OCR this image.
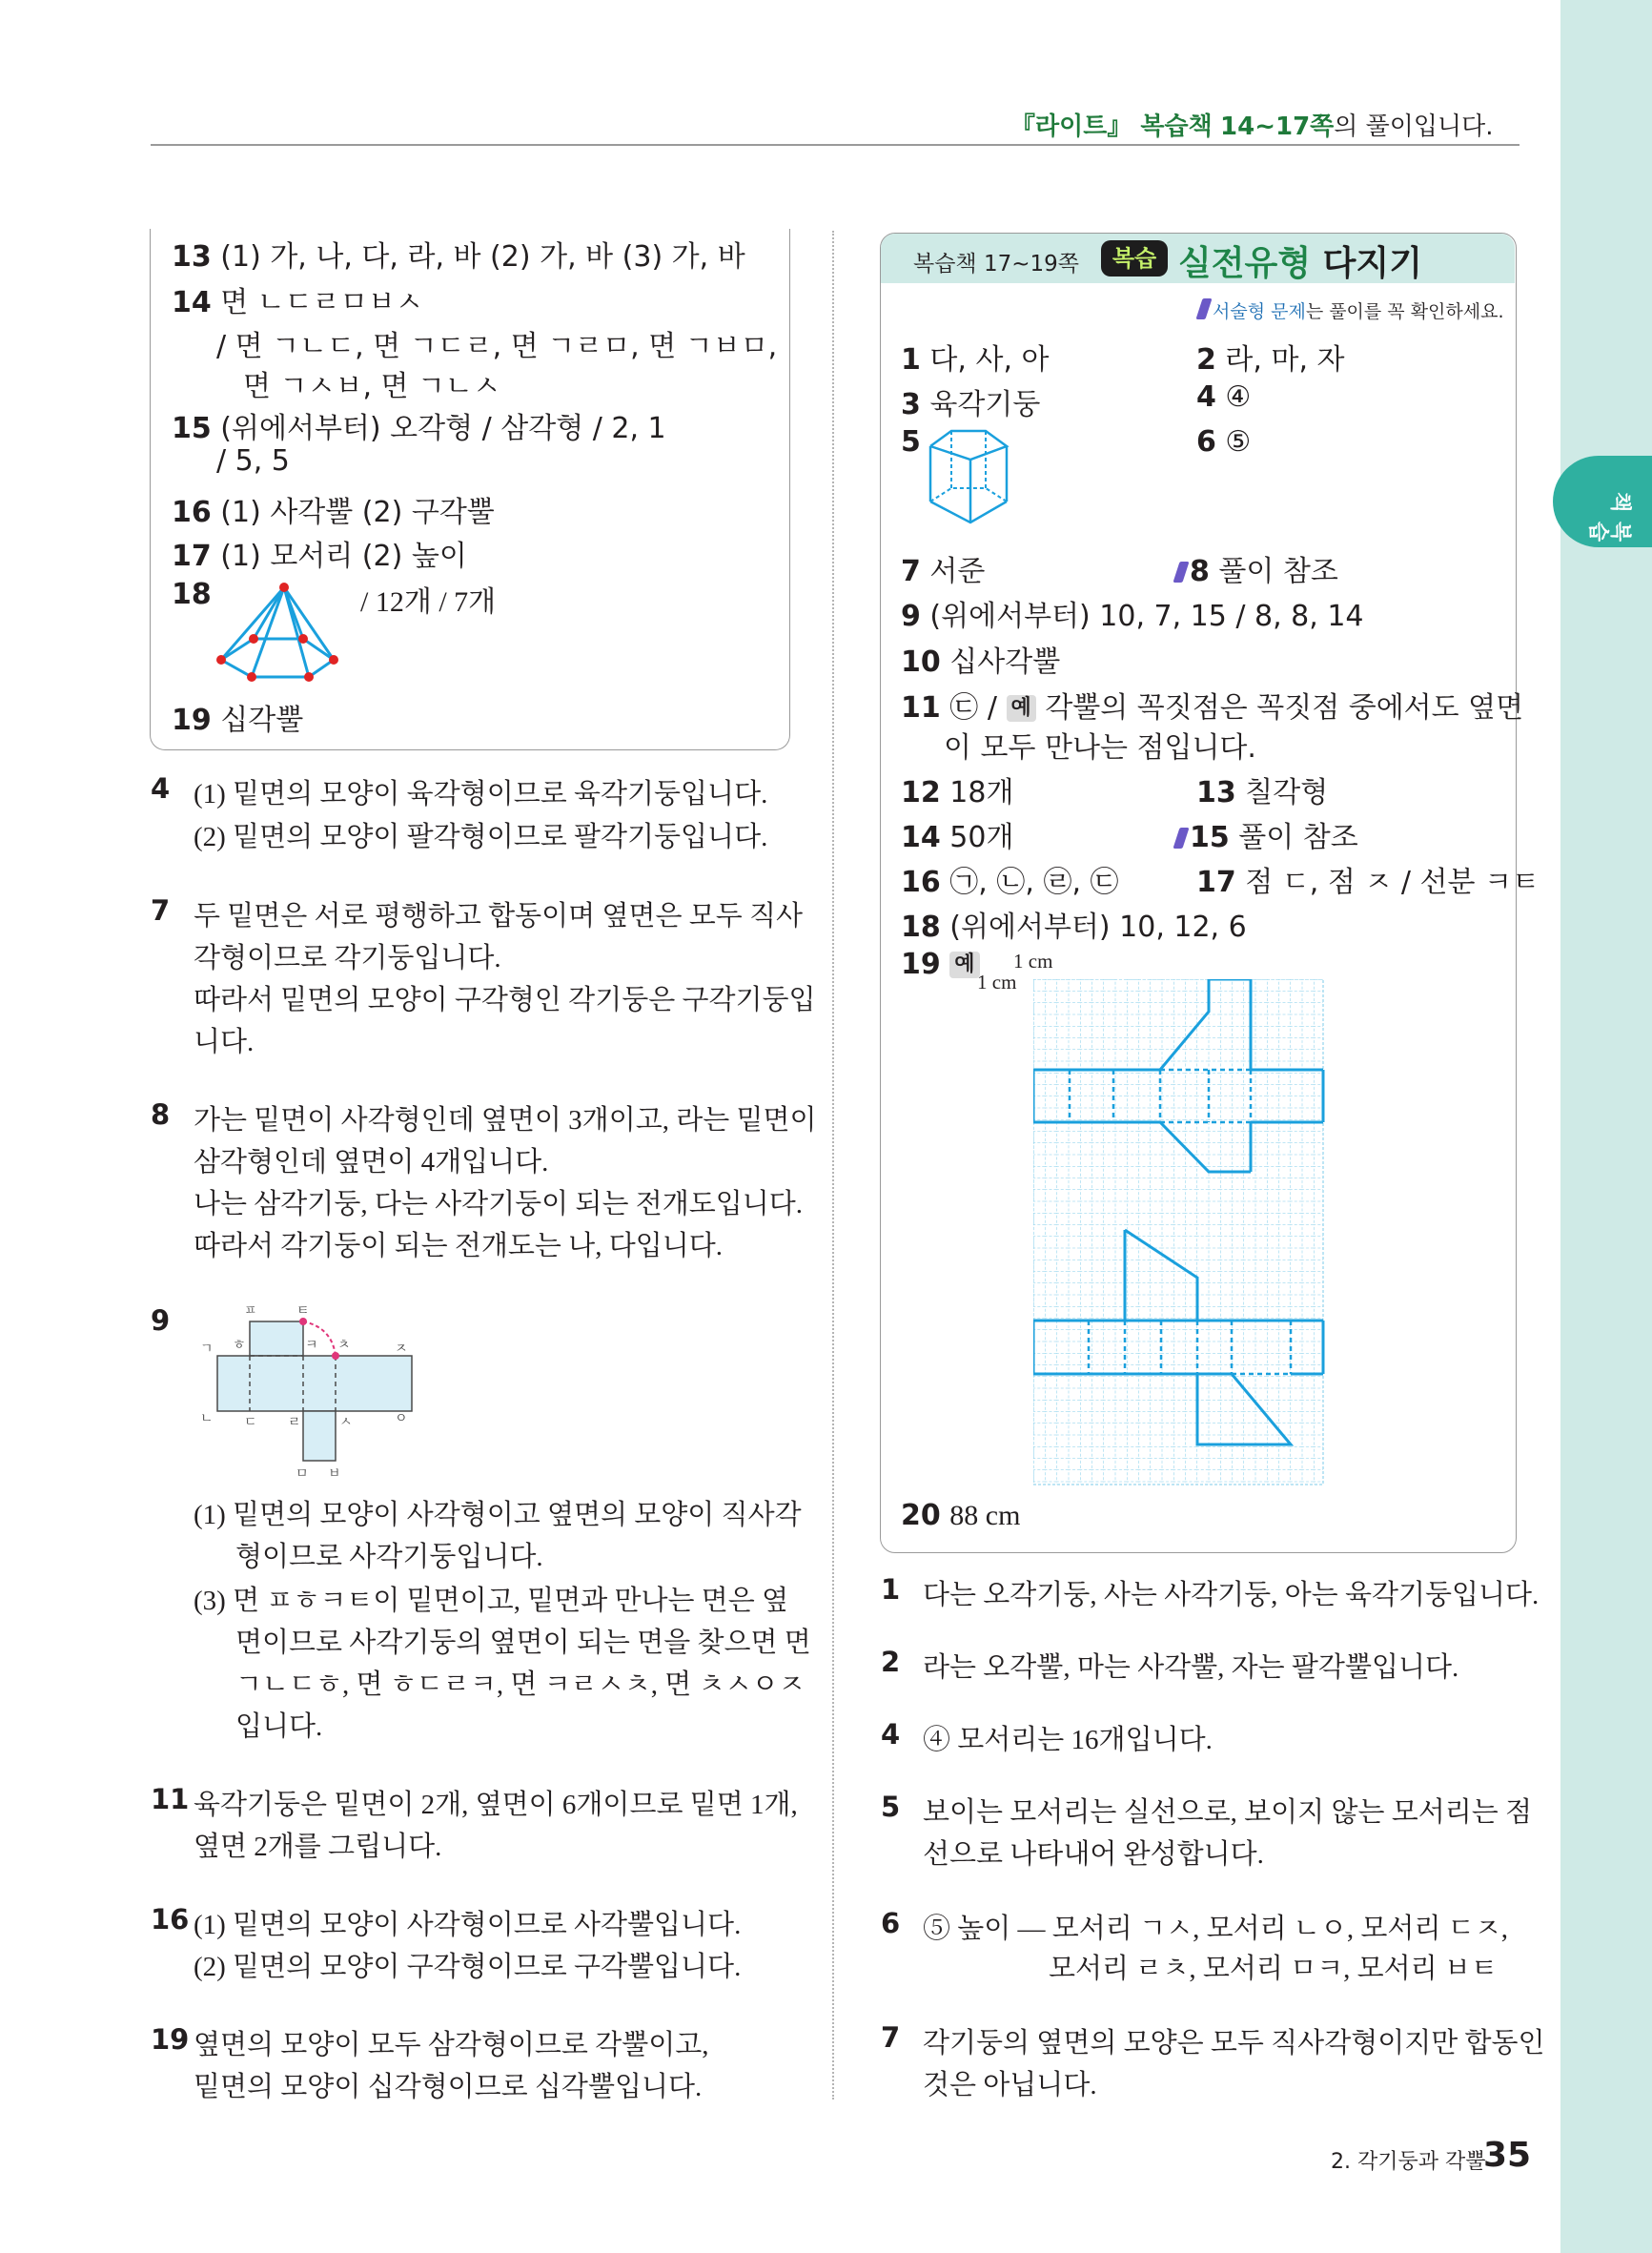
복습책
『라이트』 복습책 14~17쪽의 풀이입니다.
13 (1) 가, 나, 다, 라, 바 (2) 가, 바 (3) 가, 바
14 면 ㄴㄷㄹㅁㅂㅅ
/ 면 ㄱㄴㄷ, 면 ㄱㄷㄹ, 면 ㄱㄹㅁ, 면 ㄱㅂㅁ,
면 ㄱㅅㅂ, 면 ㄱㄴㅅ
15 (위에서부터) 오각형 / 삼각형 / 2, 1
/ 5, 5
16 (1) 사각뿔 (2) 구각뿔
17 (1) 모서리 (2) 높이
18	/ 12개 / 7개
19 십각뿔
4 (1) 밑면의 모양이 육각형이므로 육각기둥입니다.
(2) 밑면의 모양이 팔각형이므로 팔각기둥입니다.
7 두 밑면은 서로 평행하고 합동이며 옆면은 모두 직사
각형이므로 각기둥입니다.
따라서 밑면의 모양이 구각형인 각기둥은 구각기둥입
니다.
8 가는 밑면이 사각형인데 옆면이 3개이고, 라는 밑면이
삼각형인데 옆면이 4개입니다.
나는 삼각기둥, 다는 사각기둥이 되는 전개도입니다.
따라서 각기둥이 되는 전개도는 나, 다입니다.
9	ㅍ	ㅌ
ㄱ ㅎ	ㅋ ㅊ	ㅈ
ㄴ ㄷ ㄹ	ㅅ	ㅇ
ㅁ ㅂ
(1) 밑면의 모양이 사각형이고 옆면의 모양이 직사각
형이므로 사각기둥입니다.
(3) 면 ㅍㅎㅋㅌ이 밑면이고, 밑면과 만나는 면은 옆
면이므로 사각기둥의 옆면이 되는 면을 찾으면 면
ㄱㄴㄷㅎ, 면 ㅎㄷㄹㅋ, 면 ㅋㄹㅅㅊ, 면 ㅊㅅㅇㅈ
입니다.
11 육각기둥은 밑면이 2개, 옆면이 6개이므로 밑면 1개,
옆면 2개를 그립니다.
16 (1) 밑면의 모양이 사각형이므로 사각뿔입니다.
(2) 밑면의 모양이 구각형이므로 구각뿔입니다.
19 옆면의 모양이 모두 삼각형이므로 각뿔이고,
밑면의 모양이 십각형이므로 십각뿔입니다.
복습책 17~19쪽	복습 실전유형 다지기
서술형 문제는 풀이를 꼭 확인하세요.
1 다, 사, 아	2 라, 마, 자
3 육각기둥	4 ④
5	6 ⑤
7 서준	8 풀이 참조
9 (위에서부터) 10, 7, 15 / 8, 8, 14
10 십사각뿔
11 ㉢ / 예 각뿔의 꼭짓점은 꼭짓점 중에서도 옆면
이 모두 만나는 점입니다.
12 18개	13 칠각형
14 50개	15 풀이 참조
16 ㉠, ㉡, ㉣, ㉢	17 점 ㄷ, 점 ㅈ / 선분 ㅋㅌ
18 (위에서부터) 10, 12, 6
19 예 1 cm
1 cm
20 88 cm
1 다는 오각기둥, 사는 사각기둥, 아는 육각기둥입니다.
2 라는 오각뿔, 마는 사각뿔, 자는 팔각뿔입니다.
4 ④ 모서리는 16개입니다.
5 보이는 모서리는 실선으로, 보이지 않는 모서리는 점
선으로 나타내어 완성합니다.
6 ⑤ 높이 ― 모서리 ㄱㅅ, 모서리 ㄴㅇ, 모서리 ㄷㅈ,
모서리 ㄹㅊ, 모서리 ㅁㅋ, 모서리 ㅂㅌ
7 각기둥의 옆면의 모양은 모두 직사각형이지만 합동인
것은 아닙니다.
2. 각기둥과 각뿔
35
